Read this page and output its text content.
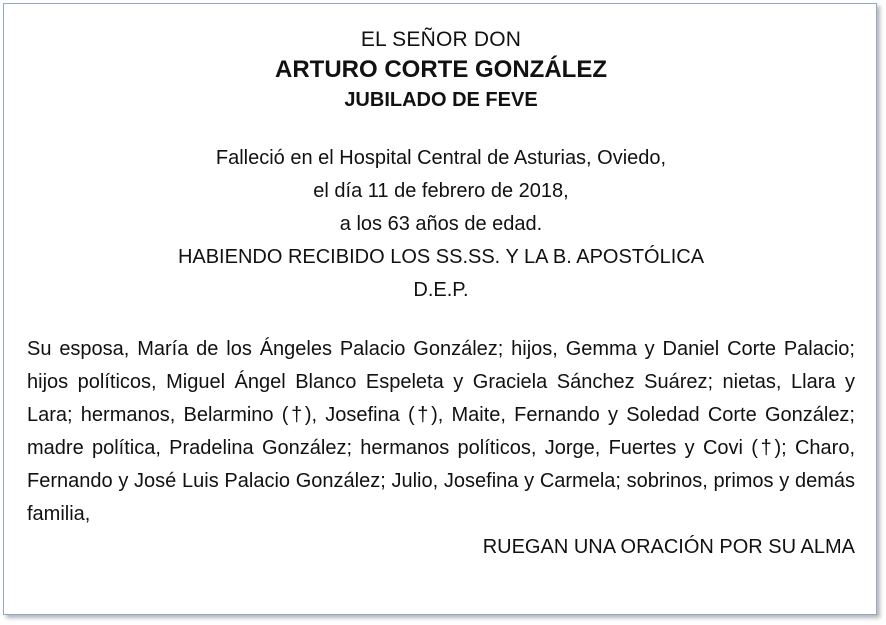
EL SEÑOR DON
ARTURO CORTE GONZÁLEZ
JUBILADO DE FEVE
Falleció en el Hospital Central de Asturias, Oviedo,
el día 11 de febrero de 2018,
a los 63 años de edad.
HABIENDO RECIBIDO LOS SS.SS. Y LA B. APOSTÓLICA
D.E.P.
Su esposa, María de los Ángeles Palacio González; hijos, Gemma y Daniel Corte Palacio; hijos políticos, Miguel Ángel Blanco Espeleta y Graciela Sánchez Suárez; nietas, Llara y Lara; hermanos, Belarmino (†), Josefina (†), Maite, Fernando y Soledad Corte González; madre política, Pradelina González; hermanos políticos, Jorge, Fuertes y Covi (†); Charo, Fernando y José Luis Palacio González; Julio, Josefina y Carmela; sobrinos, primos y demás familia,
RUEGAN UNA ORACIÓN POR SU ALMA
